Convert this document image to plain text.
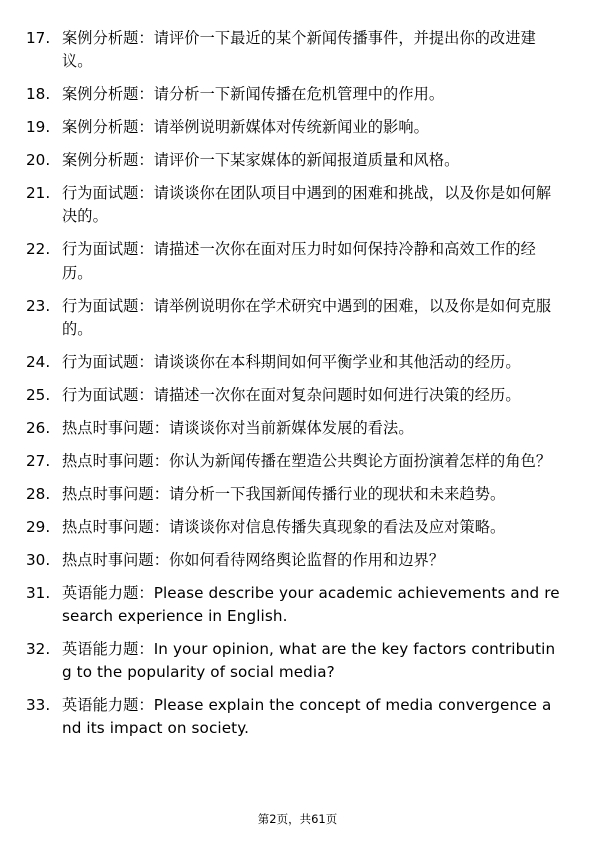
17. 案例分析题：请评价一下最近的某个新闻传播事件，并提出你的改进建议。
18. 案例分析题：请分析一下新闻传播在危机管理中的作用。
19. 案例分析题：请举例说明新媒体对传统新闻业的影响。
20. 案例分析题：请评价一下某家媒体的新闻报道质量和风格。
21. 行为面试题：请谈谈你在团队项目中遇到的困难和挑战，以及你是如何解决的。
22. 行为面试题：请描述一次你在面对压力时如何保持冷静和高效工作的经历。
23. 行为面试题：请举例说明你在学术研究中遇到的困难，以及你是如何克服的。
24. 行为面试题：请谈谈你在本科期间如何平衡学业和其他活动的经历。
25. 行为面试题：请描述一次你在面对复杂问题时如何进行决策的经历。
26. 热点时事问题：请谈谈你对当前新媒体发展的看法。
27. 热点时事问题：你认为新闻传播在塑造公共舆论方面扮演着怎样的角色？
28. 热点时事问题：请分析一下我国新闻传播行业的现状和未来趋势。
29. 热点时事问题：请谈谈你对信息传播失真现象的看法及应对策略。
30. 热点时事问题：你如何看待网络舆论监督的作用和边界？
31. 英语能力题：Please describe your academic achievements and research experience in English.
32. 英语能力题：In your opinion, what are the key factors contributing to the popularity of social media?
33. 英语能力题：Please explain the concept of media convergence and its impact on society.
第2页，共61页
